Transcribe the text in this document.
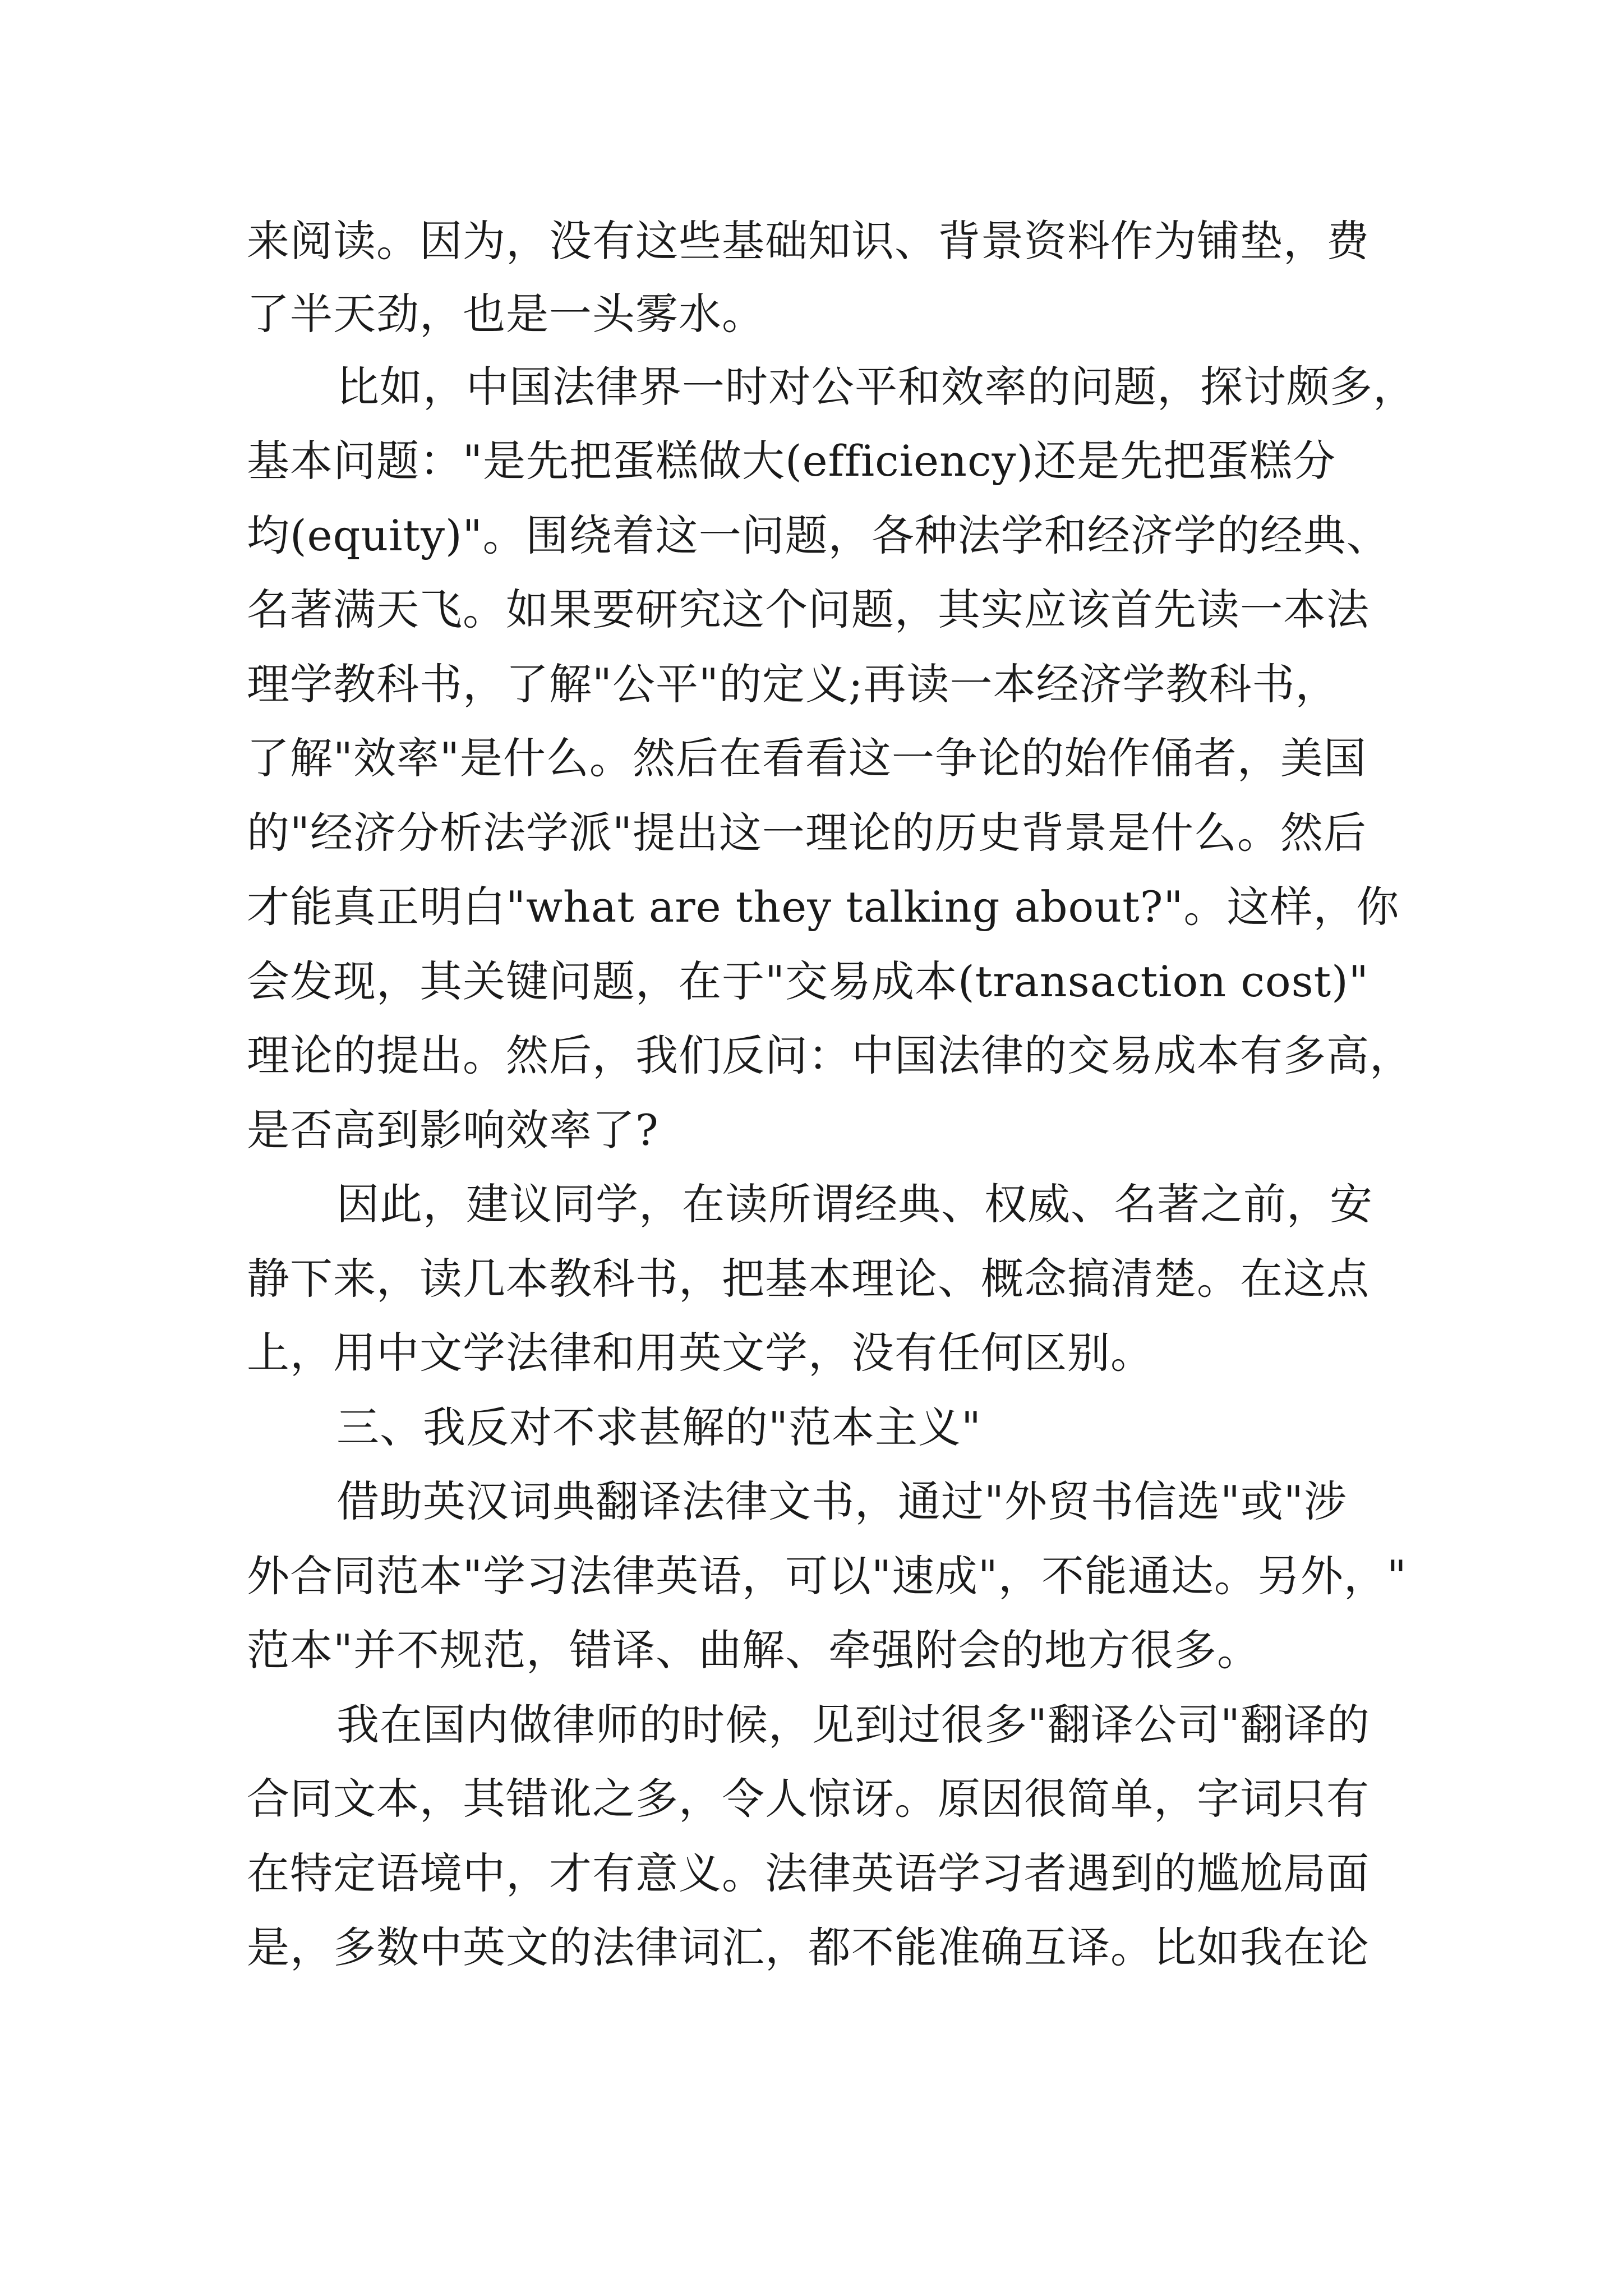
来阅读。因为，没有这些基础知识、背景资料作为铺垫，费
了半天劲，也是一头雾水。
比如，中国法律界一时对公平和效率的问题，探讨颇多，
基本问题："是先把蛋糕做大(efficiency)还是先把蛋糕分
均(equity)"。围绕着这一问题，各种法学和经济学的经典、
名著满天飞。如果要研究这个问题，其实应该首先读一本法
理学教科书，了解"公平"的定义;再读一本经济学教科书，
了解"效率"是什么。然后在看看这一争论的始作俑者，美国
的"经济分析法学派"提出这一理论的历史背景是什么。然后
才能真正明白"what are they talking about?"。这样，你
会发现，其关键问题，在于"交易成本(transaction cost)"
理论的提出。然后，我们反问：中国法律的交易成本有多高，
是否高到影响效率了?
因此，建议同学，在读所谓经典、权威、名著之前，安
静下来，读几本教科书，把基本理论、概念搞清楚。在这点
上，用中文学法律和用英文学，没有任何区别。
三、我反对不求甚解的"范本主义"
借助英汉词典翻译法律文书，通过"外贸书信选"或"涉
外合同范本"学习法律英语，可以"速成"，不能通达。另外，"
范本"并不规范，错译、曲解、牵强附会的地方很多。
我在国内做律师的时候，见到过很多"翻译公司"翻译的
合同文本，其错讹之多，令人惊讶。原因很简单，字词只有
在特定语境中，才有意义。法律英语学习者遇到的尴尬局面
是，多数中英文的法律词汇，都不能准确互译。比如我在论
